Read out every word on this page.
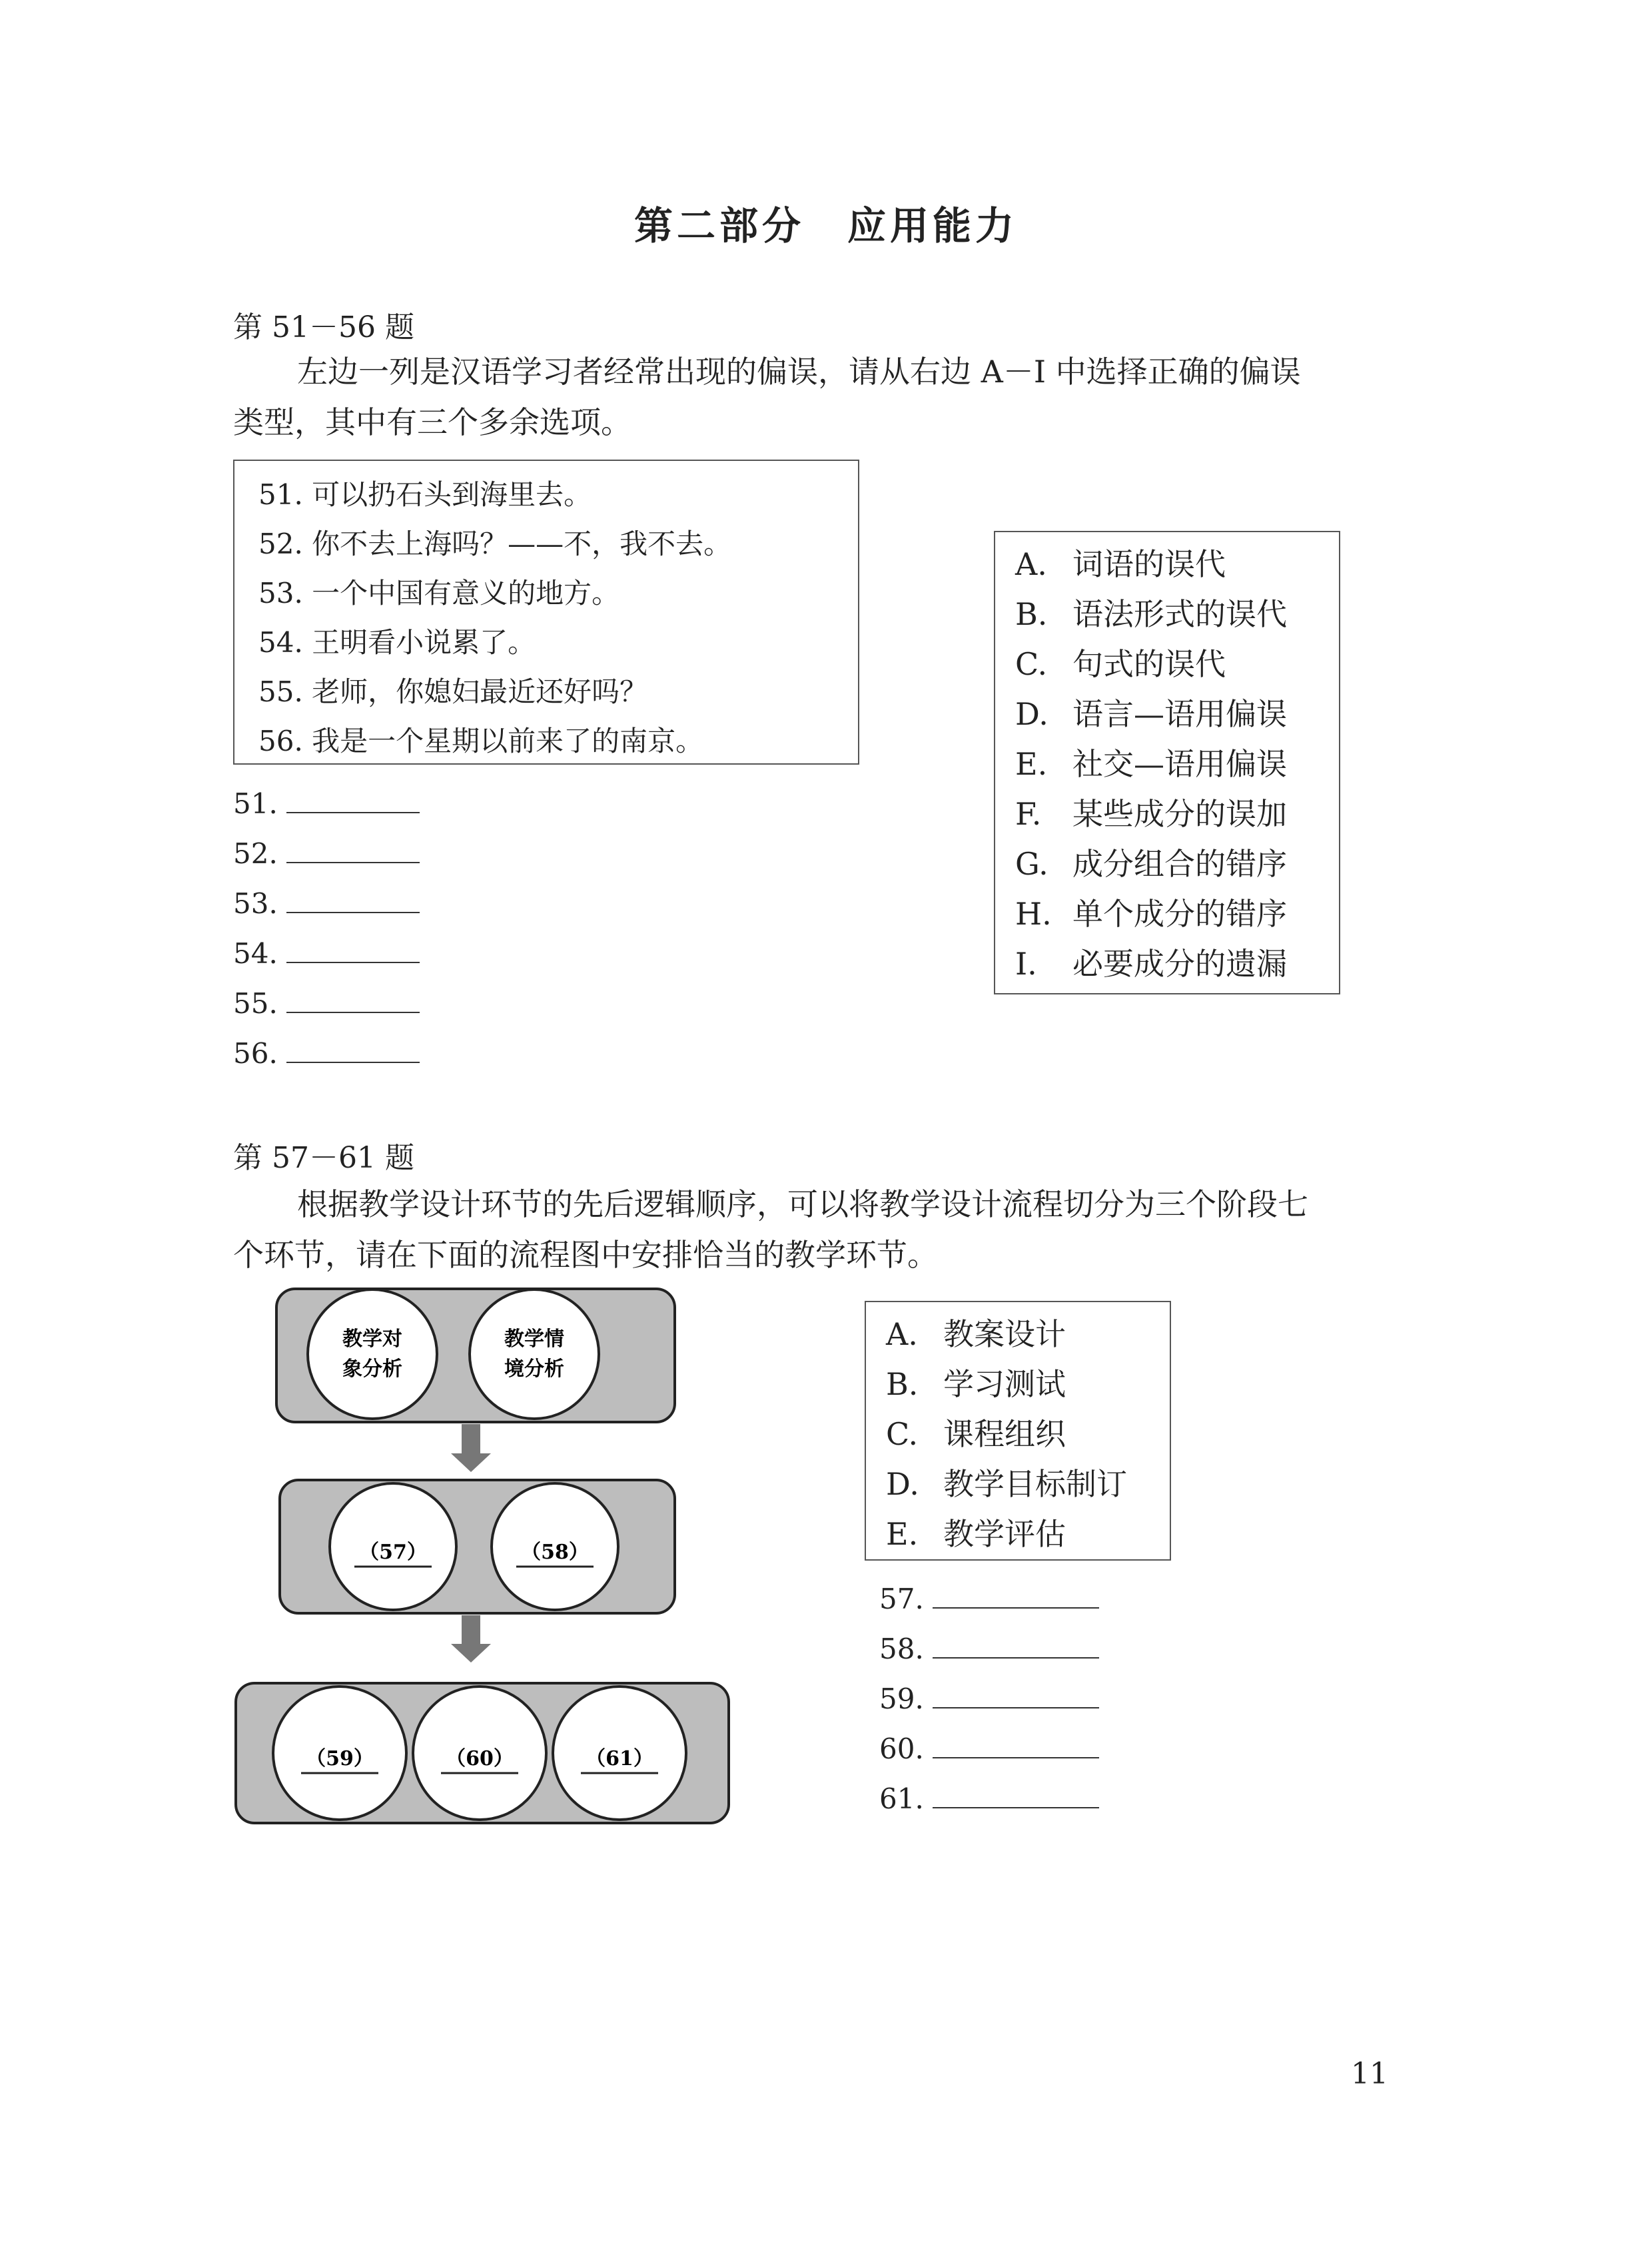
第二部分　应用能力
第 51－56 题
左边一列是汉语学习者经常出现的偏误，请从右边 A－I 中选择正确的偏误
类型，其中有三个多余选项。
51. 可以扔石头到海里去。
52. 你不去上海吗？——不，我不去。
53. 一个中国有意义的地方。
54. 王明看小说累了。
55. 老师，你媳妇最近还好吗？
56. 我是一个星期以前来了的南京。
51.
52.
53.
54.
55.
56.
A. 词语的误代
B. 语法形式的误代
C. 句式的误代
D. 语言—语用偏误
E. 社交—语用偏误
F. 某些成分的误加
G. 成分组合的错序
H. 单个成分的错序
I. 必要成分的遗漏
第 57－61 题
根据教学设计环节的先后逻辑顺序，可以将教学设计流程切分为三个阶段七
个环节，请在下面的流程图中安排恰当的教学环节。
教学对
象分析
教学情
境分析
（57）	（58）
（59）	（60）	（61）
A. 教案设计
B. 学习测试
C. 课程组织
D. 教学目标制订
E. 教学评估
57.
58.
59.
60.
61.
11
